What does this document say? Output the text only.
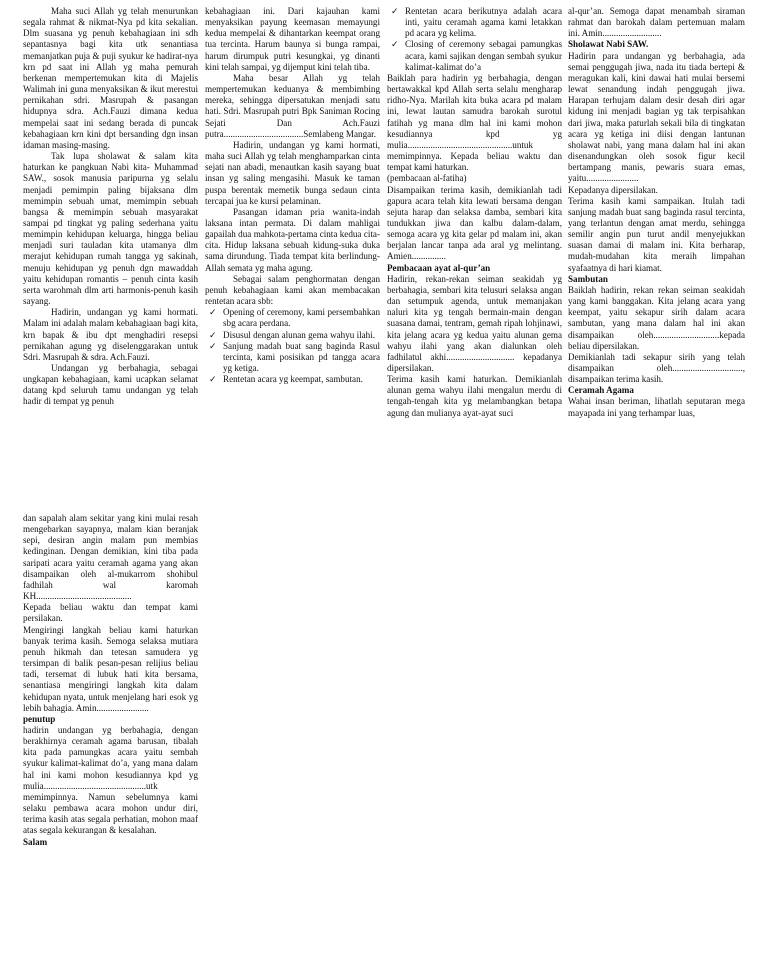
Maha suci Allah yg telah menurunkan segala rahmat & nikmat-Nya pd kita sekalian. Dlm suasana yg penuh kebahagiaan ini sdh sepantasnya bagi kita utk senantiasa memanjatkan puja & puji syukur ke hadirat-nya krn pd saat ini Allah yg maha pemurah berkenan mempertemukan kita di Majelis Walimah ini guna menyaksikan & ikut merestui pernikahan sdri. Masrupah & pasangan hidupnya sdra. Ach.Fauzi dimana kedua mempelai saat ini sedang berada di puncak kebahagiaan krn kini dpt bersanding dgn insan idaman masing-masing.

Tak lupa sholawat & salam kita haturkan ke pangkuan Nabi kita- Muhammad SAW., sosok manusia paripurna yg selalu menjadi pemimpin paling bijaksana dlm memimpin sebuah umat, memimpin sebuah bangsa & memimpin sebuah masyarakat sampai pd tingkat yg paling sederhana yaitu memimpin kehidupan keluarga, hingga beliau menjadi suri tauladan kita utamanya dlm merajut kehidupan rumah tangga yg sakinah, menuju kehidupan yg penuh dgn mawaddah yaitu kehidupan romantis – penuh cinta kasih serta warohmah dlm arti harmonis-penuh kasih sayang.

Hadirin, undangan yg kami hormati. Malam ini adalah malam kebahagiaan bagi kita, krn bapak & ibu dpt menghadiri resepsi pernikahan agung yg diselenggarakan untuk Sdri. Masrupah & sdra. Ach.Fauzi.

Undangan yg berbahagia, sebagai ungkapan kebahagiaan, kami ucapkan selamat datang kpd seluruh tamu undangan yg telah hadir di tempat yg penuh

kebahagiaan ini. Dari kajauhan kami menyaksikan payung keemasan memayungi kedua mempelai & dihantarkan keempat orang tua tercinta. Harum baunya si bunga rampai, harum dirumpuk putri kesungkai, yg dinanti kini telah sampai, yg dijemput kini telah tiba.

Maha besar Allah yg telah mempertemukan keduanya & membimbing mereka, sehingga dipersatukan menjadi satu hati. Sdri. Masrupah putri Bpk Saniman Rocing Sejati Dan Ach.Fauzi putra...................................Semlabeng Mangar.

Hadirin, undangan yg kami hormati, maha suci Allah yg telah menghamparkan cinta sejati nan abadi, menautkan kasih sayang buat insan yg saling mengasihi. Masuk ke taman puspa berentak memetik bunga sedaun cinta tercapai jua ke kursi pelaminan.

Pasangan idaman pria wanita-indah laksana intan permata. Di dalam mahligai gapailah dua mahkota-pertama cinta kedua cita-cita. Hidup laksana sebuah kidung-suka duka sama dirundung. Tiada tempat kita berlindung-Allah semata yg maha agung.

Sebagai salam penghormatan dengan penuh kebahagiaan kami akan membacakan rentetan acara sbb:

✓ Opening of ceremony, kami persembahkan sbg acara perdana.
✓ Disusul dengan alunan gema wahyu ilahi.
✓ Sanjung madah buat sang baginda Rasul tercinta, kami posisikan pd tangga acara yg ketiga.
✓ Rentetan acara yg keempat, sambutan.
✓ Rentetan acara berikutnya adalah acara inti, yaitu ceramah agama kami letakkan pd acara yg kelima.
✓ Closing of ceremony sebagai pamungkas acara, kami sajikan dengan sembah syukur kalimat-kalimat do’a

Baiklah para hadirin yg berbahagia, dengan bertawakkal kpd Allah serta selalu mengharap ridho-Nya. Marilah kita buka acara pd malam ini, lewat lautan samudra barokah surotul fatihah yg mana dlm hal ini kami mohon kesudiannya kpd yg mulia..............................................untuk memimpinnya. Kepada beliau waktu dan tempat kami haturkan.

(pembacaan al-fatiha)

Disampaikan terima kasih, demikianlah tadi gapura acara telah kita lewati bersama dengan sejuta harap dan selaksa damba, sembari kita tundukkan jiwa dan kalbu dalam-dalam, semoga acara yg kita gelar pd malam ini, akan berjalan lancar tanpa ada aral yg melintang. Amien...............

Pembacaan ayat al-qur’an

Hadirin, rekan-rekan seiman seakidah yg berbahagia, sembari kita telusuri selaksa angan dan setumpuk agenda, untuk memanjakan naluri kita yg tengah bermain-main dengan suasana damai, tentram, gemah ripah lohjinawi, kita jelang acara yg kedua yaitu alunan gema wahyu ilahi yang akan dialunkan oleh fadhilatul akhi.............................. kepadanya dipersilakan.

Terima kasih kami haturkan. Demikianlah alunan gema wahyu ilahi mengalun merdu di tengah-tengah kita yg melambangkan betapa agung dan mulianya ayat-ayat suci

al-qur’an. Semoga dapat menambah siraman rahmat dan barokah dalam pertemuan malam ini. Amin..........................

Sholawat Nabi SAW.

Hadirin para undangan yg berbahagia, ada semai penggugah jiwa, nada itu tiada bertepi & meragukan kali, kini dawai hati mulai bersemi lewat senandung indah penggugah jiwa. Harapan terhujam dalam desir desah diri agar kidung ini menjadi bagian yg tak terpisahkan dari jiwa, maka paturlah sekali bila di tingkatan acara yg ketiga ini diisi dengan lantunan sholawat nabi, yang mana dalam hal ini akan disenandungkan oleh sosok figur kecil bertampang manis, pewaris suara emas, yaitu.......................

Kepadanya dipersilakan.

Terima kasih kami sampaikan. Itulah tadi sanjung madah buat sang baginda rasul tercinta, yang terlantun dengan amat merdu, sehingga semilir angin pun turut andil menyejukkan suasan damai di malam ini. Kita berharap, mudah-mudahan kita meraih limpahan syafaatnya di hari kiamat.

Sambutan

Baiklah hadirin, rekan rekan seiman seakidah yang kami banggakan. Kita jelang acara yang keempat, yaitu sekapur sirih dalam acara sambutan, yang mana dalam hal ini akan disampaikan oleh.............................kepada beliau dipersilakan.

Demikianlah tadi sekapur sirih yang telah disampaikan oleh..............................., disampaikan terima kasih.

Ceramah Agama

Wahai insan beriman, lihatlah seputaran mega mayapada ini yang terhampar luas,

dan sapalah alam sekitar yang kini mulai resah mengebarkan sayapnya, malam kian beranjak sepi, desiran angin malam pun membias kedinginan. Dengan demikian, kini tiba pada saripati acara yaitu ceramah agama yang akan disampaikan oleh al-mukarrom shohibul fadhilah wal karomah KH..........................................

Kepada beliau waktu dan tempat kami persilakan.

Mengiringi langkah beliau kami haturkan banyak terima kasih. Semoga selaksa mutiara penuh hikmah dan tetesan samudera yg tersimpan di balik pesan-pesan relijius beliau tadi, tersemat di lubuk hati kita bersama, senantiasa mengiringi langkah kita dalam kehidupan nyata, untuk menjelang hari esok yg lebih bahagia. Amin.......................

penutup

hadirin undangan yg berbahagia, dengan berakhirnya ceramah agama barusan, tibalah kita pada pamungkas acara yaitu sembah syukur kalimat-kalimat do’a, yang mana dalam hal ini kami mohon kesudiannya kpd yg mulia.............................................utk memimpinnya. Namun sebelumnya kami selaku pembawa acara mohon undur diri, terima kasih atas segala perhatian, mohon maaf atas segala kekurangan & kesalahan.

Salam
